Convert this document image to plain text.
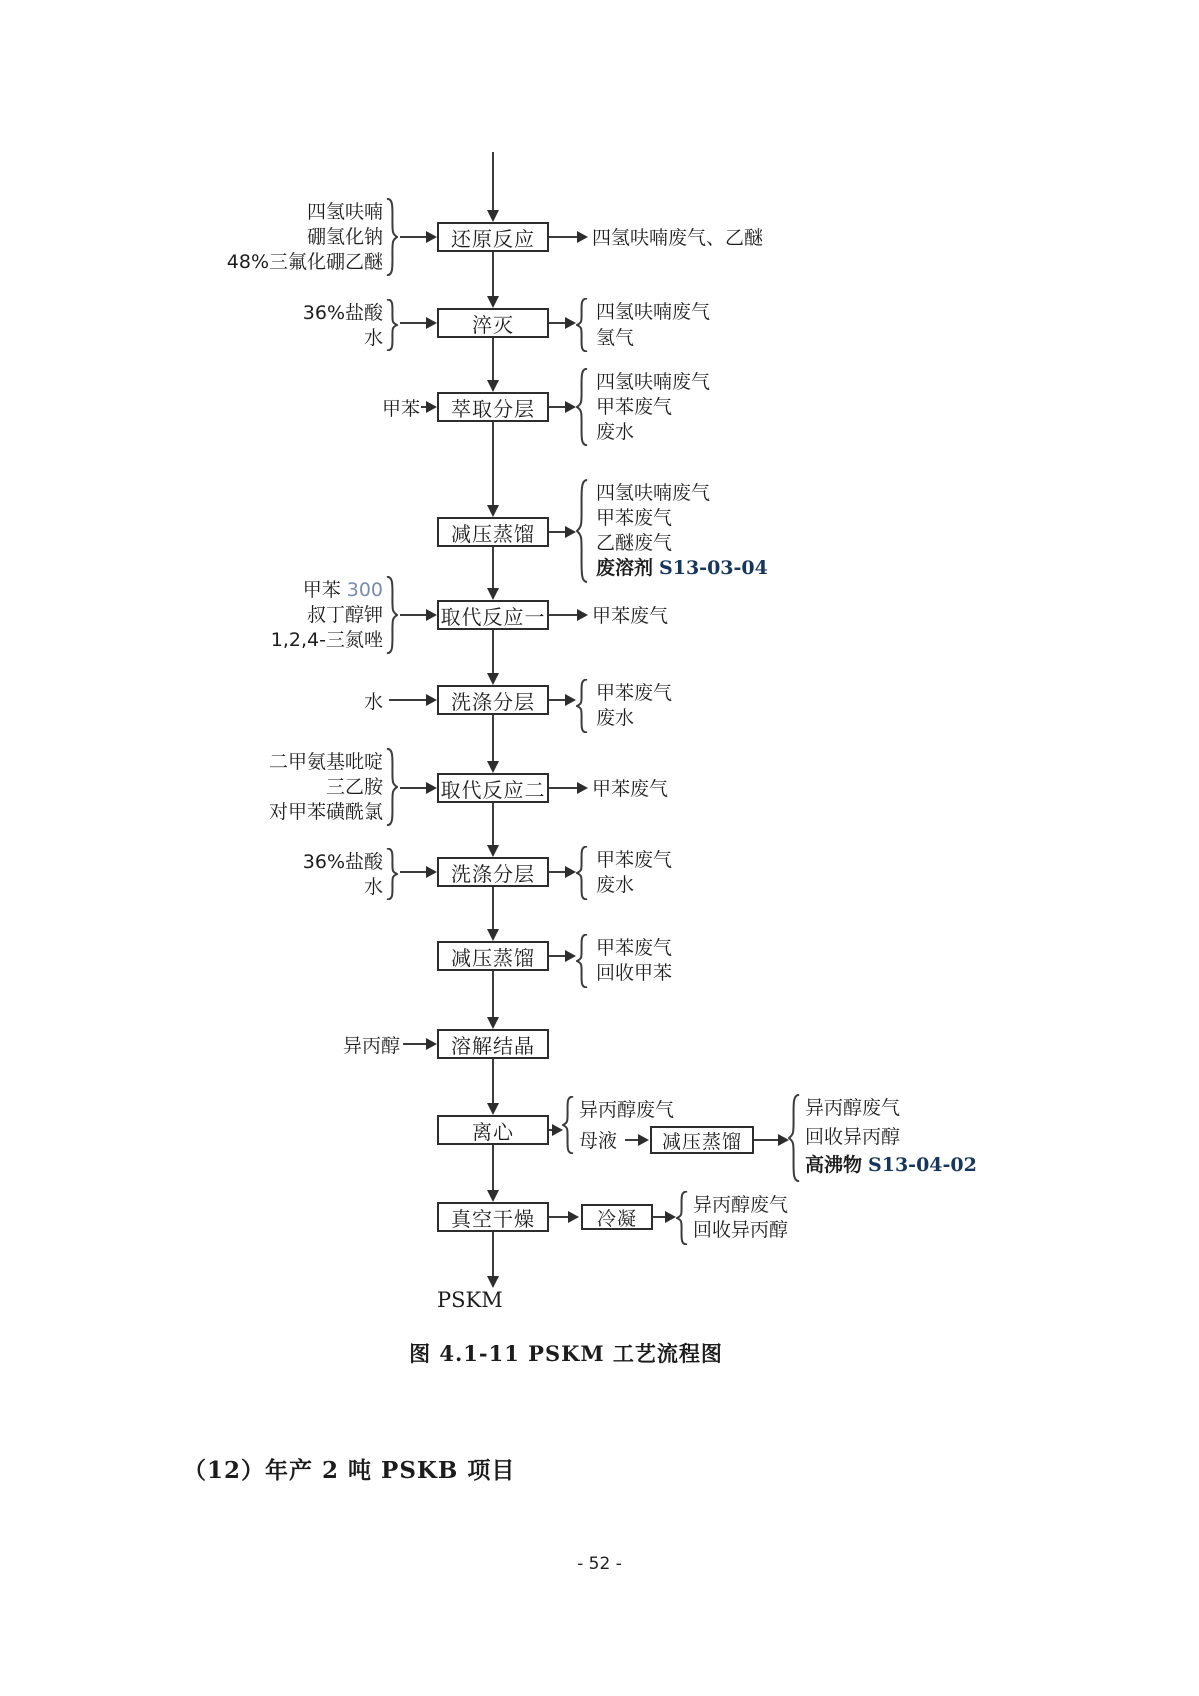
还原反应
淬灭
萃取分层
减压蒸馏
取代反应一
洗涤分层
取代反应二
洗涤分层
减压蒸馏
溶解结晶
离心
真空干燥
减压蒸馏
冷凝
四氢呋喃
硼氢化钠
48%三氟化硼乙醚
四氢呋喃废气、乙醚
36%盐酸
水
四氢呋喃废气
氢气
甲苯
四氢呋喃废气
甲苯废气
废水
四氢呋喃废气
甲苯废气
乙醚废气
废溶剂 S13-03-04
甲苯 300
叔丁醇钾
1,2,4-三氮唑
甲苯废气
水	甲苯废气
废水
二甲氨基吡啶
三乙胺
对甲苯磺酰氯
甲苯废气
36%盐酸
水
甲苯废气
废水
甲苯废气
回收甲苯
异丙醇
异丙醇废气
母液
异丙醇废气
回收异丙醇
高沸物 S13-04-02
异丙醇废气
回收异丙醇
PSKM
图 4.1-11 PSKM 工艺流程图
（12）年产 2 吨 PSKB 项目
- 52 -
